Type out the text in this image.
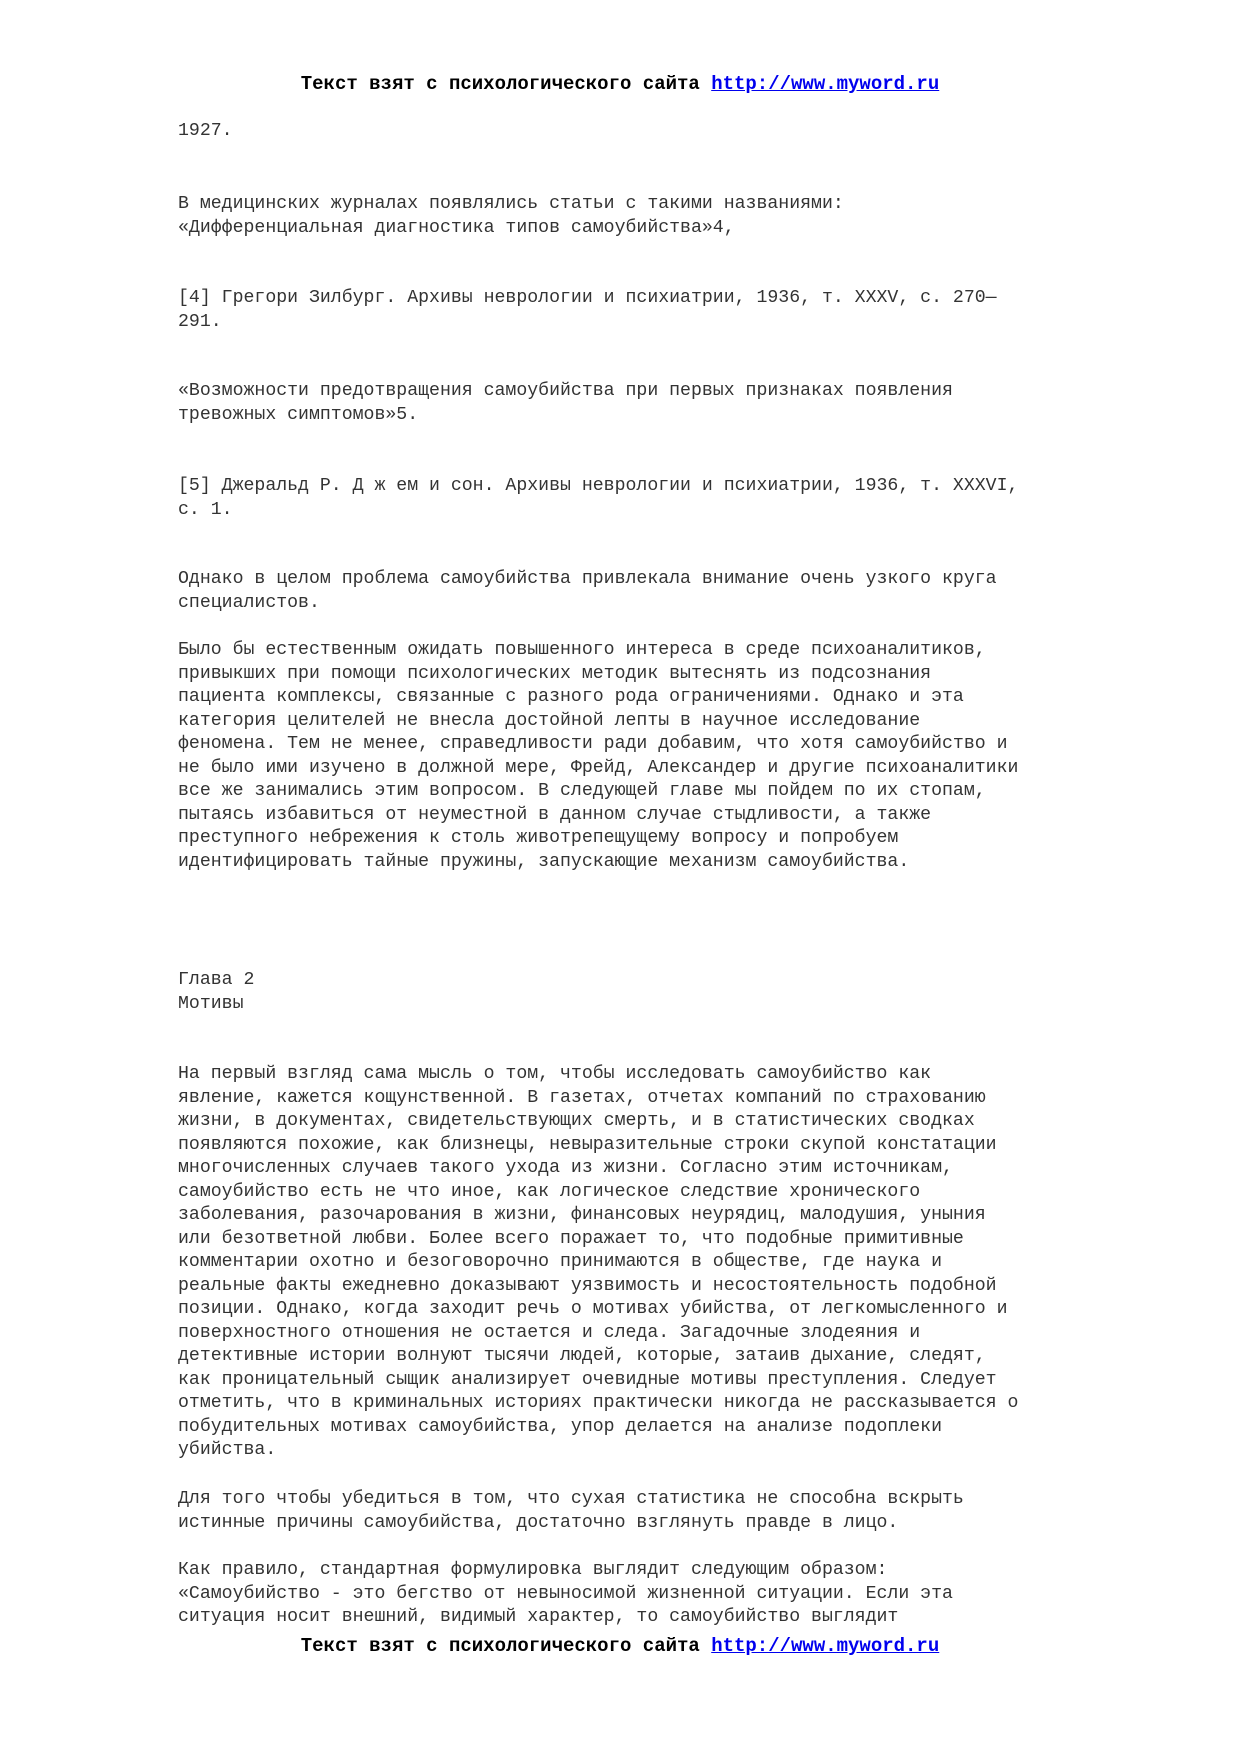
Текст взят с психологического сайта http://www.myword.ru

1927.

В медицинских журналах появлялись статьи с такими названиями:
«Дифференциальная диагностика типов самоубийства»4,

[4] Грегори Зилбург. Архивы неврологии и психиатрии, 1936, т. XXXV, с. 270—
291.

«Возможности предотвращения самоубийства при первых признаках появления
тревожных симптомов»5.

[5] Джеральд Р. Д ж ем и сон. Архивы неврологии и психиатрии, 1936, т. XXXVI,
с. 1.

Однако в целом проблема самоубийства привлекала внимание очень узкого круга
специалистов.

Было бы естественным ожидать повышенного интереса в среде психоаналитиков,
привыкших при помощи психологических методик вытеснять из подсознания
пациента комплексы, связанные с разного рода ограничениями. Однако и эта
категория целителей не внесла достойной лепты в научное исследование
феномена. Тем не менее, справедливости ради добавим, что хотя самоубийство и
не было ими изучено в должной мере, Фрейд, Александер и другие психоаналитики
все же занимались этим вопросом. В следующей главе мы пойдем по их стопам,
пытаясь избавиться от неуместной в данном случае стыдливости, а также
преступного небрежения к столь животрепещущему вопросу и попробуем
идентифицировать тайные пружины, запускающие механизм самоубийства.

Глава 2
Мотивы

На первый взгляд сама мысль о том, чтобы исследовать самоубийство как
явление, кажется кощунственной. В газетах, отчетах компаний по страхованию
жизни, в документах, свидетельствующих смерть, и в статистических сводках
появляются похожие, как близнецы, невыразительные строки скупой констатации
многочисленных случаев такого ухода из жизни. Согласно этим источникам,
самоубийство есть не что иное, как логическое следствие хронического
заболевания, разочарования в жизни, финансовых неурядиц, малодушия, уныния
или безответной любви. Более всего поражает то, что подобные примитивные
комментарии охотно и безоговорочно принимаются в обществе, где наука и
реальные факты ежедневно доказывают уязвимость и несостоятельность подобной
позиции. Однако, когда заходит речь о мотивах убийства, от легкомысленного и
поверхностного отношения не остается и следа. Загадочные злодеяния и
детективные истории волнуют тысячи людей, которые, затаив дыхание, следят,
как проницательный сыщик анализирует очевидные мотивы преступления. Следует
отметить, что в криминальных историях практически никогда не рассказывается о
побудительных мотивах самоубийства, упор делается на анализе подоплеки
убийства.

Для того чтобы убедиться в том, что сухая статистика не способна вскрыть
истинные причины самоубийства, достаточно взглянуть правде в лицо.

Как правило, стандартная формулировка выглядит следующим образом:
«Самоубийство - это бегство от невыносимой жизненной ситуации. Если эта
ситуация носит внешний, видимый характер, то самоубийство выглядит

Текст взят с психологического сайта http://www.myword.ru
